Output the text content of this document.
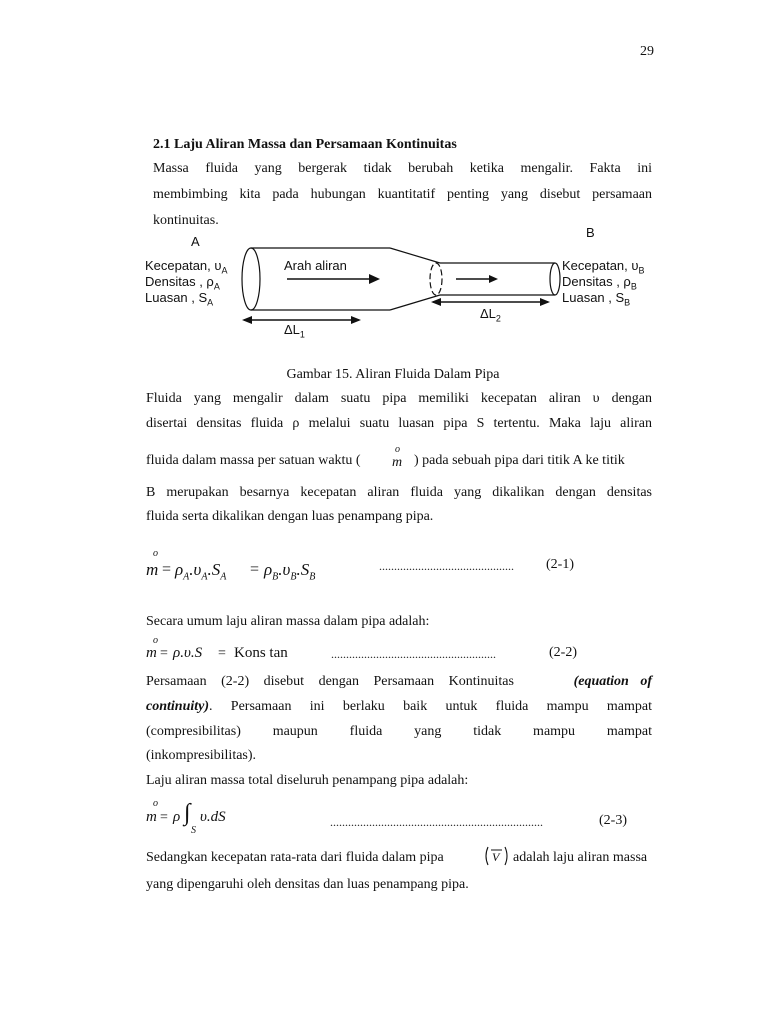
29
2.1 Laju Aliran Massa dan Persamaan Kontinuitas
Massa fluida yang bergerak tidak berubah ketika mengalir. Fakta ini
membimbing kita pada hubungan kuantitatif penting yang disebut persamaan
kontinuitas.
A
B
Kecepatan, $\upsilon_A$
Densitas , $\rho_A$
Luasan , $S_A$
Arah aliran	Kecepatan, $\upsilon_B$
Densitas , $\rho_B$
Luasan , $S_B$
$\Delta L_1$
$\Delta L_2$
Gambar 15. Aliran Fluida Dalam Pipa
Fluida yang mengalir dalam suatu pipa memiliki kecepatan aliran υ dengan
disertai densitas fluida ρ melalui suatu luasan pipa S tertentu. Maka laju aliran
fluida dalam massa per satuan waktu (
o
m ) pada sebuah pipa dari titik A ke titik
B merupakan besarnya kecepatan aliran fluida yang dikalikan dengan densitas
fluida serta dikalikan dengan luas penampang pipa.
o
$m = \rho_A.\upsilon_A.S_A = \rho_B.\upsilon_B.S_B$
............................................. (2-1)
Secara umum laju aliran massa dalam pipa adalah:
o
m = ρ.υ.S = Kons tan	.......................................................	(2-2)
Persamaan (2-2) disebut dengan Persamaan Kontinuitas	(equation of
continuity). Persamaan ini berlaku baik untuk fluida mampu mampat
(compresibilitas) maupun fluida yang tidak mampu mampat
(inkompresibilitas).
Laju aliran massa total diseluruh penampang pipa adalah:
o
m = ρ ∫
S
υ.dS	.......................................................................	(2-3)
Sedangkan kecepatan rata-rata dari fluida dalam pipa	V adalah laju aliran massa
yang dipengaruhi oleh densitas dan luas penampang pipa.
